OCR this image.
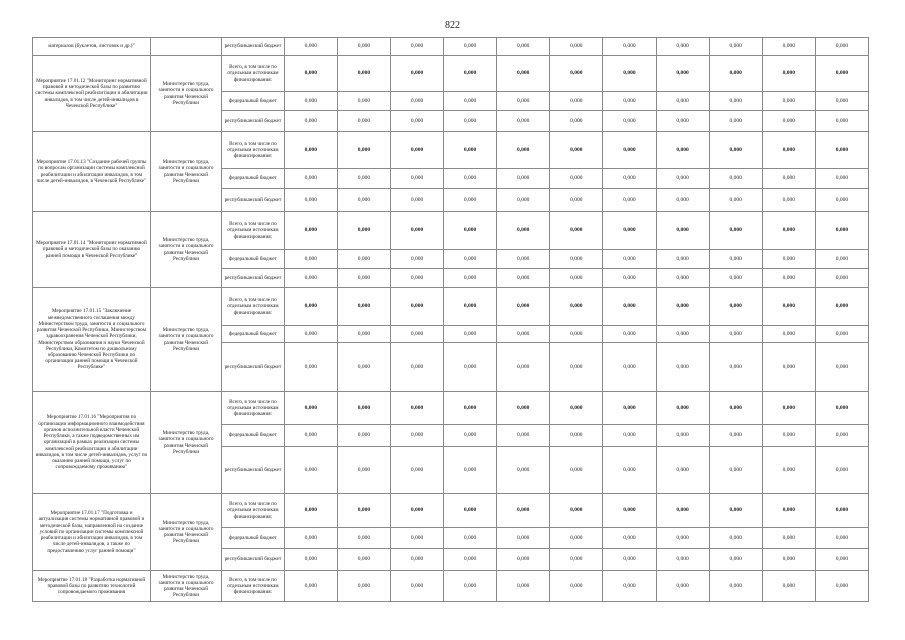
822
материалов (буклетов, листовок и др.)"		республиканский бюджет	0,000	0,000	0,000	0,000	0,000	0,000	0,000	0,000	0,000	0,000	0,000
Мероприятие 17.01.12 "Мониторинг нормативной правовой и методической базы по развитию системы комплексной реабилитации и абилитации инвалидов, в том числе детей-инвалидов в Чеченской Республике"	Министерство труда, занятости и социального развития Чеченской Республики	Всего, в том числе по отдельным источникам финансирования:	0,000	0,000	0,000	0,000	0,000	0,000	0,000	0,000	0,000	0,000	0,000
		федеральный бюджет	0,000	0,000	0,000	0,000	0,000	0,000	0,000	0,000	0,000	0,000	0,000
		республиканский бюджет	0,000	0,000	0,000	0,000	0,000	0,000	0,000	0,000	0,000	0,000	0,000
Мероприятие 17.01.13 "Создание рабочей группы по вопросам организации системы комплексной реабилитации и абилитации инвалидов, в том числе детей-инвалидов, в Чеченской Республике"	Министерство труда, занятости и социального развития Чеченской Республики	Всего, в том числе по отдельным источникам финансирования:	0,000	0,000	0,000	0,000	0,000	0,000	0,000	0,000	0,000	0,000	0,000
		федеральный бюджет	0,000	0,000	0,000	0,000	0,000	0,000	0,000	0,000	0,000	0,000	0,000
		республиканский бюджет	0,000	0,000	0,000	0,000	0,000	0,000	0,000	0,000	0,000	0,000	0,000
Мероприятие 17.01.14 "Мониторинг нормативной правовой и методической базы по оказанию ранней помощи в Чеченской Республике"	Министерство труда, занятости и социального развития Чеченской Республики	Всего, в том числе по отдельным источникам финансирования:	0,000	0,000	0,000	0,000	0,000	0,000	0,000	0,000	0,000	0,000	0,000
		федеральный бюджет	0,000	0,000	0,000	0,000	0,000	0,000	0,000	0,000	0,000	0,000	0,000
		республиканский бюджет	0,000	0,000	0,000	0,000	0,000	0,000	0,000	0,000	0,000	0,000	0,000
Мероприятие 17.01.15 "Заключение межведомственного соглашения между Министерством труда, занятости и социального развития Чеченской Республики, Министерством здравоохранения Чеченской Республики, Министерством образования и науки Чеченской Республики, Комитетом по дошкольному образованию Чеченской Республики по организации ранней помощи в Чеченской Республике"	Министерство труда, занятости и социального развития Чеченской Республики	Всего, в том числе по отдельным источникам финансирования:	0,000	0,000	0,000	0,000	0,000	0,000	0,000	0,000	0,000	0,000	0,000
		федеральный бюджет	0,000	0,000	0,000	0,000	0,000	0,000	0,000	0,000	0,000	0,000	0,000
		республиканский бюджет	0,000	0,000	0,000	0,000	0,000	0,000	0,000	0,000	0,000	0,000	0,000
Мероприятие 17.01.16 "Мероприятия по организации информационного взаимодействия органов исполнительной власти Чеченской Республики, а также подведомственных им организаций в рамках реализации системы комплексной реабилитации и абилитации инвалидов, в том числе детей-инвалидов, услуг по оказанию ранней помощи, услуг по сопровождаемому проживанию"	Министерство труда, занятости и социального развития Чеченской Республики	Всего, в том числе по отдельным источникам финансирования:	0,000	0,000	0,000	0,000	0,000	0,000	0,000	0,000	0,000	0,000	0,000
		федеральный бюджет	0,000	0,000	0,000	0,000	0,000	0,000	0,000	0,000	0,000	0,000	0,000
		республиканский бюджет	0,000	0,000	0,000	0,000	0,000	0,000	0,000	0,000	0,000	0,000	0,000
Мероприятие 17.01.17 "Подготовка и актуализация системы нормативной правовой и методической базы, направленной на создание условий по организации системы комплексной реабилитации и абилитации инвалидов, в том числе детей-инвалидов, а также по предоставлению услуг ранней помощи"	Министерство труда, занятости и социального развития Чеченской Республики	Всего, в том числе по отдельным источникам финансирования:	0,000	0,000	0,000	0,000	0,000	0,000	0,000	0,000	0,000	0,000	0,000
		федеральный бюджет	0,000	0,000	0,000	0,000	0,000	0,000	0,000	0,000	0,000	0,000	0,000
		республиканский бюджет	0,000	0,000	0,000	0,000	0,000	0,000	0,000	0,000	0,000	0,000	0,000
Мероприятие 17.01.18 "Разработка нормативной правовой базы по развитию технологий сопровождаемого проживания	Министерство труда, занятости и социального развития Чеченской Республики	Всего, в том числе по отдельным источникам финансирования:	0,000	0,000	0,000	0,000	0,000	0,000	0,000	0,000	0,000	0,000	0,000
